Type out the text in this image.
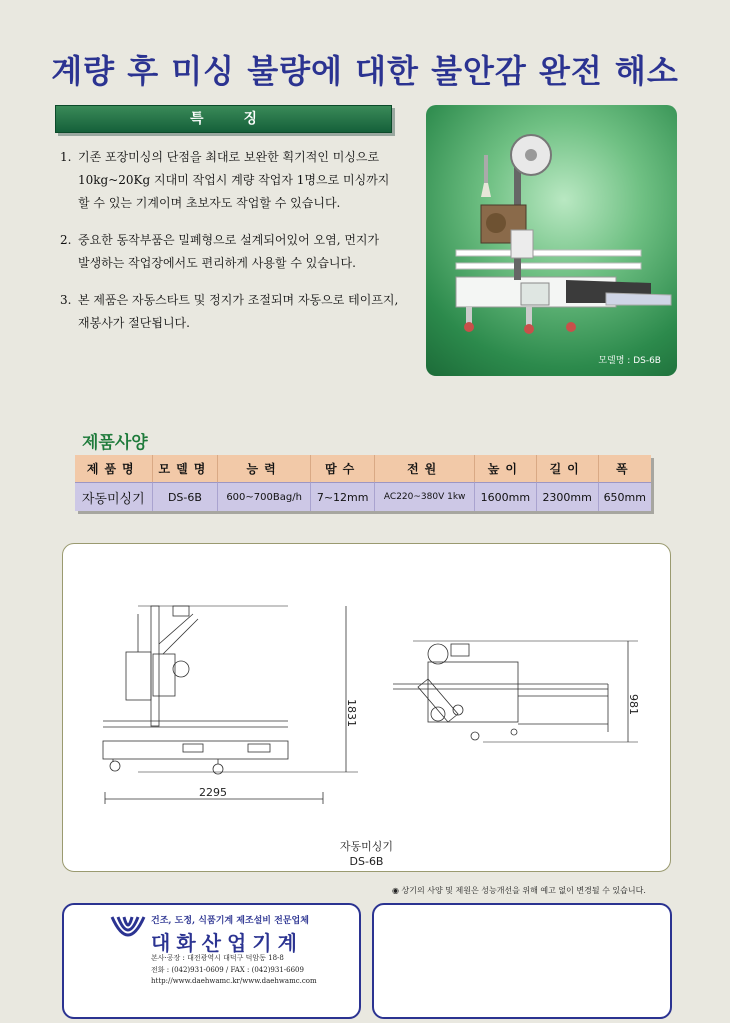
계량 후 미싱 불량에 대한 불안감 완전 해소
특징
1. 기존 포장미싱의 단점을 최대로 보완한 획기적인 미싱으로
10kg~20Kg 지대미 작업시 계량 작업자 1명으로 미싱까지
할 수 있는 기계이며 초보자도 작업할 수 있습니다.
2. 중요한 동작부품은 밀폐형으로 설계되어있어 오염, 먼지가
발생하는 작업장에서도 편리하게 사용할 수 있습니다.
3. 본 제품은 자동스타트 및 정지가 조절되며 자동으로 테이프지,
재봉사가 절단됩니다.
모델명 : DS-6B
제품사양
제품명	모델명	능력	땀수	전원	높이	길이	폭
자동미싱기	DS-6B	600~700Bag/h	7~12mm	AC220~380V 1kw	1600mm	2300mm	650mm
1831
2295
981
자동미싱기
DS-6B
◉ 상기의 사양 및 제원은 성능개선을 위해 예고 없이 변경될 수 있습니다.
건조, 도정, 식품기계 제조설비 전문업체
대화산업기계
본사·공장 : 대전광역시 대덕구 덕암동 18-8
전화 : (042)931-0609 / FAX : (042)931-6609
http://www.daehwamc.kr/www.daehwamc.com
